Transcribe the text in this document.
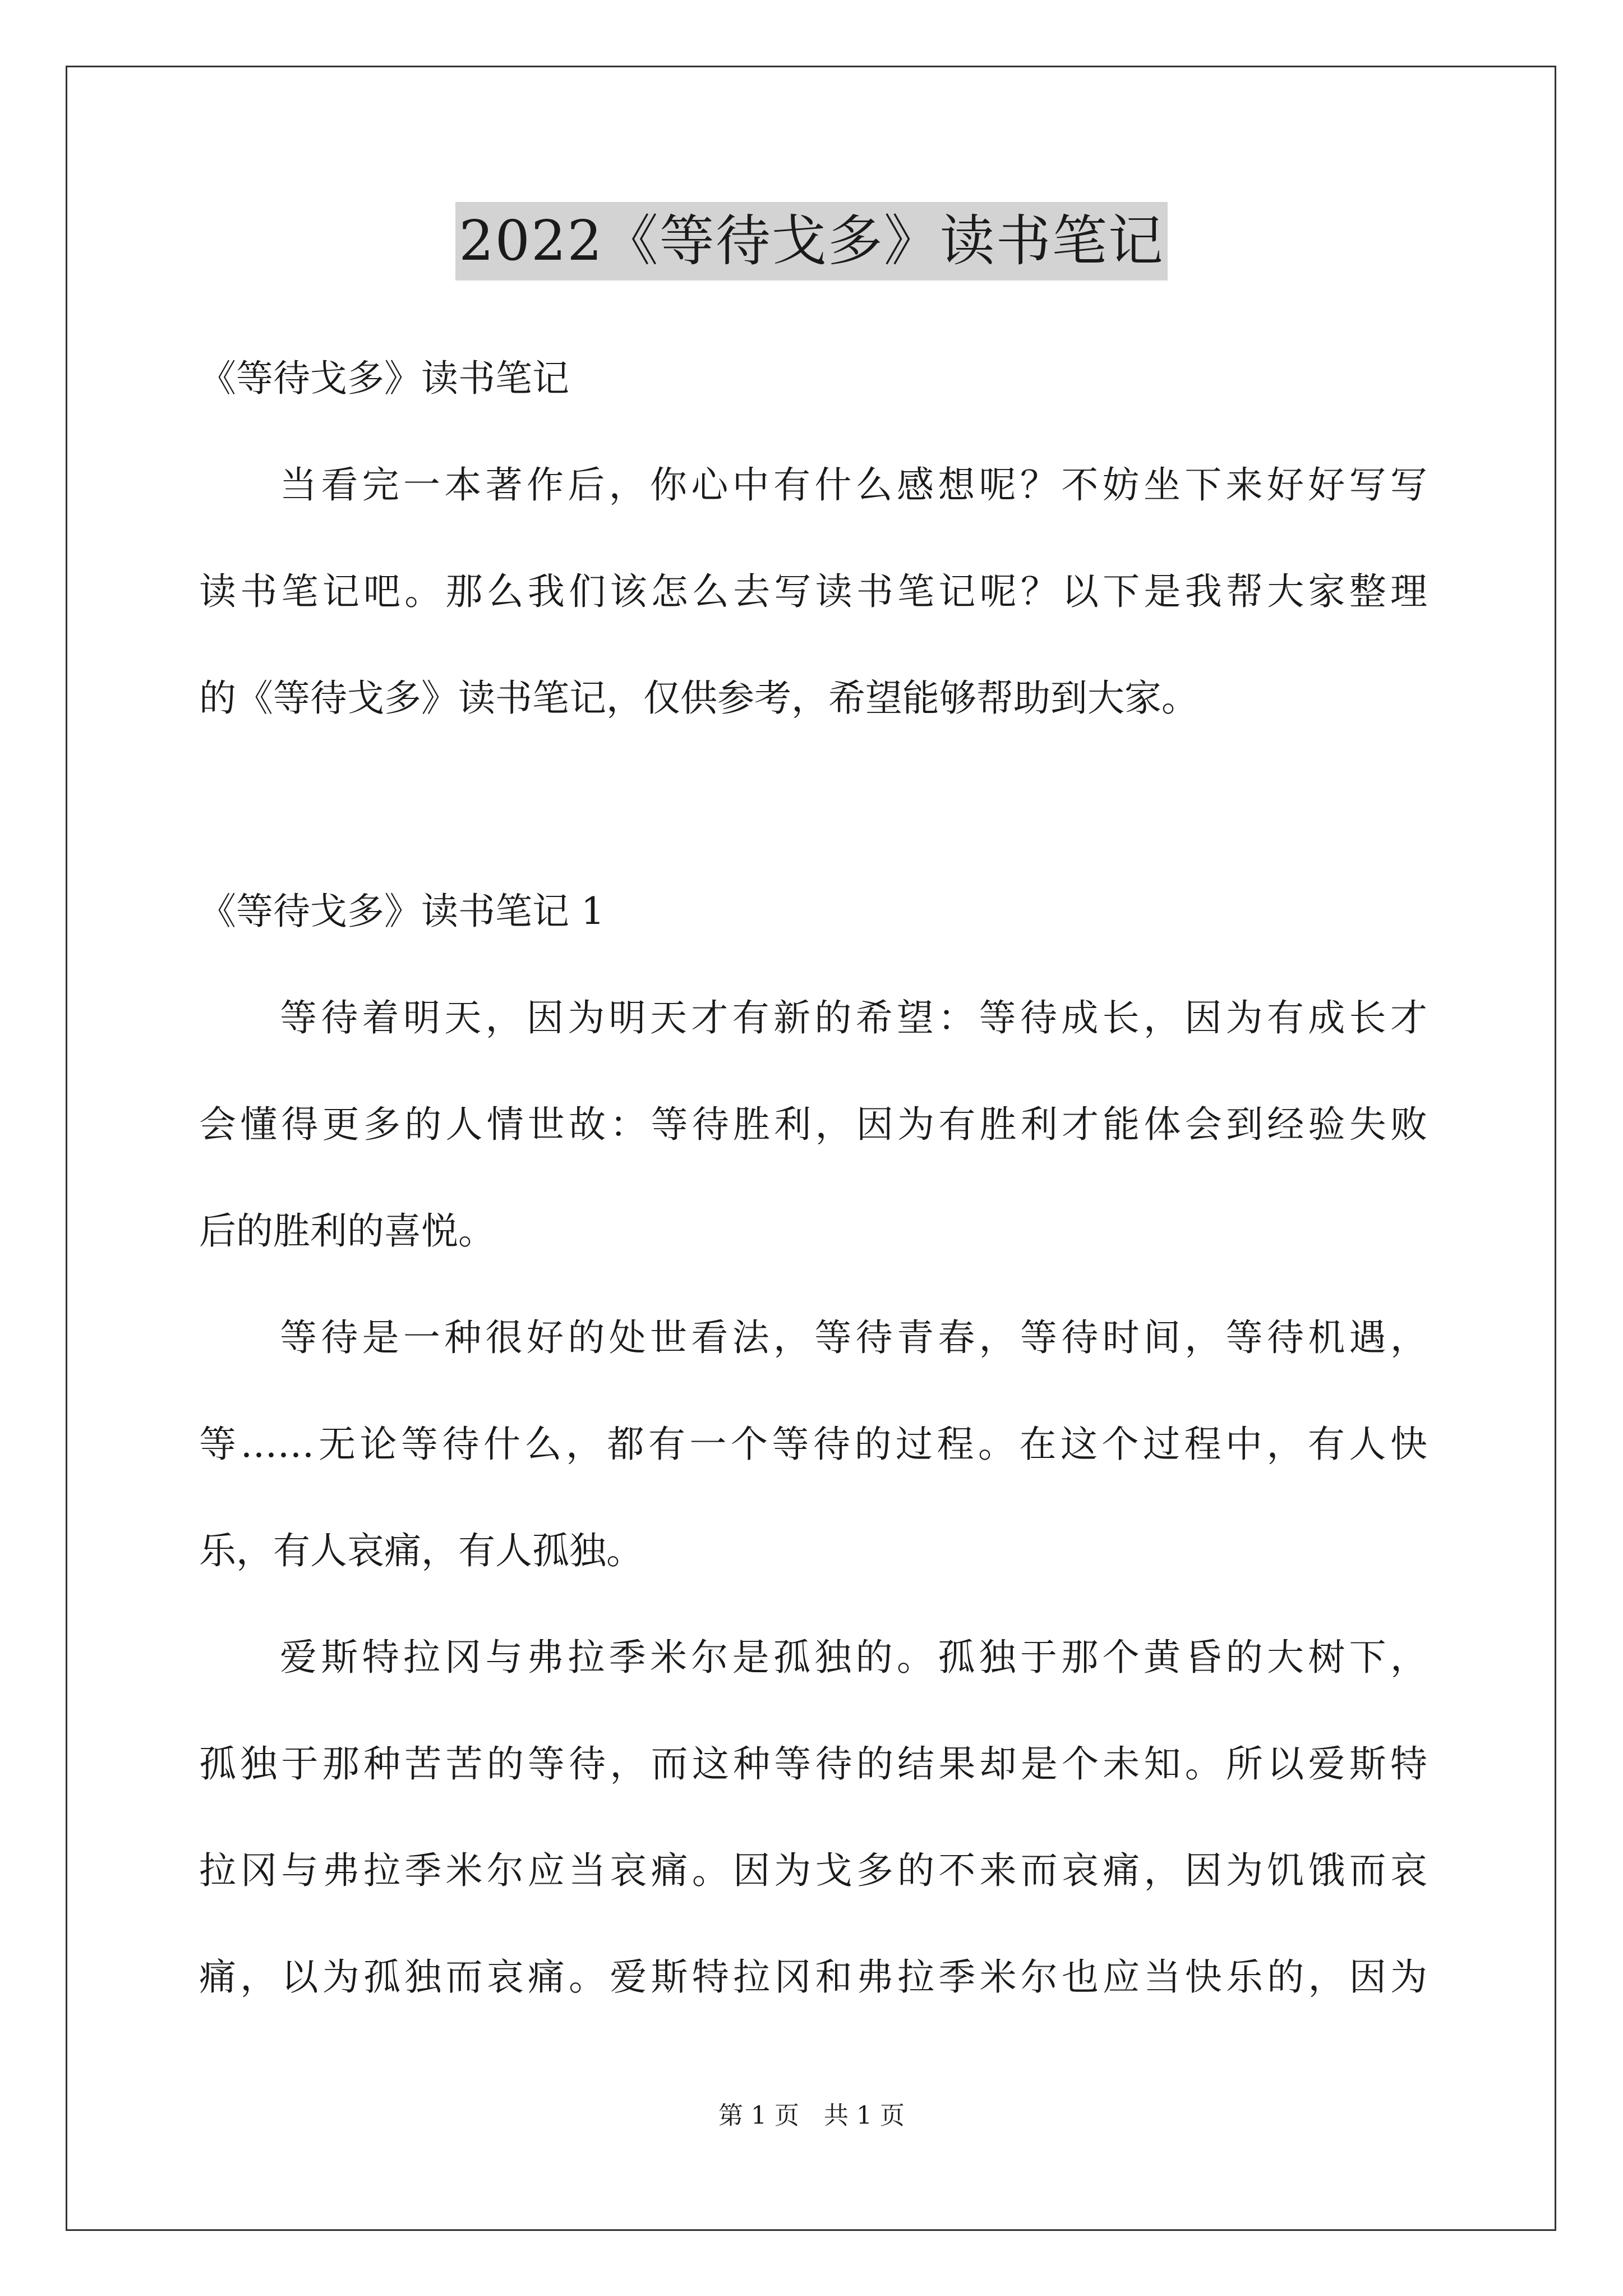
2022《等待戈多》读书笔记
《等待戈多》读书笔记
当看完一本著作后，你心中有什么感想呢？不妨坐下来好好写写
读书笔记吧。那么我们该怎么去写读书笔记呢？以下是我帮大家整理
的《等待戈多》读书笔记，仅供参考，希望能够帮助到大家。
《等待戈多》读书笔记 1
等待着明天，因为明天才有新的希望：等待成长，因为有成长才
会懂得更多的人情世故：等待胜利，因为有胜利才能体会到经验失败
后的胜利的喜悦。
等待是一种很好的处世看法，等待青春，等待时间，等待机遇，
等……无论等待什么，都有一个等待的过程。在这个过程中，有人快
乐，有人哀痛，有人孤独。
爱斯特拉冈与弗拉季米尔是孤独的。孤独于那个黄昏的大树下，
孤独于那种苦苦的等待，而这种等待的结果却是个未知。所以爱斯特
拉冈与弗拉季米尔应当哀痛。因为戈多的不来而哀痛，因为饥饿而哀
痛，以为孤独而哀痛。爱斯特拉冈和弗拉季米尔也应当快乐的，因为
第 1 页　共 1 页
